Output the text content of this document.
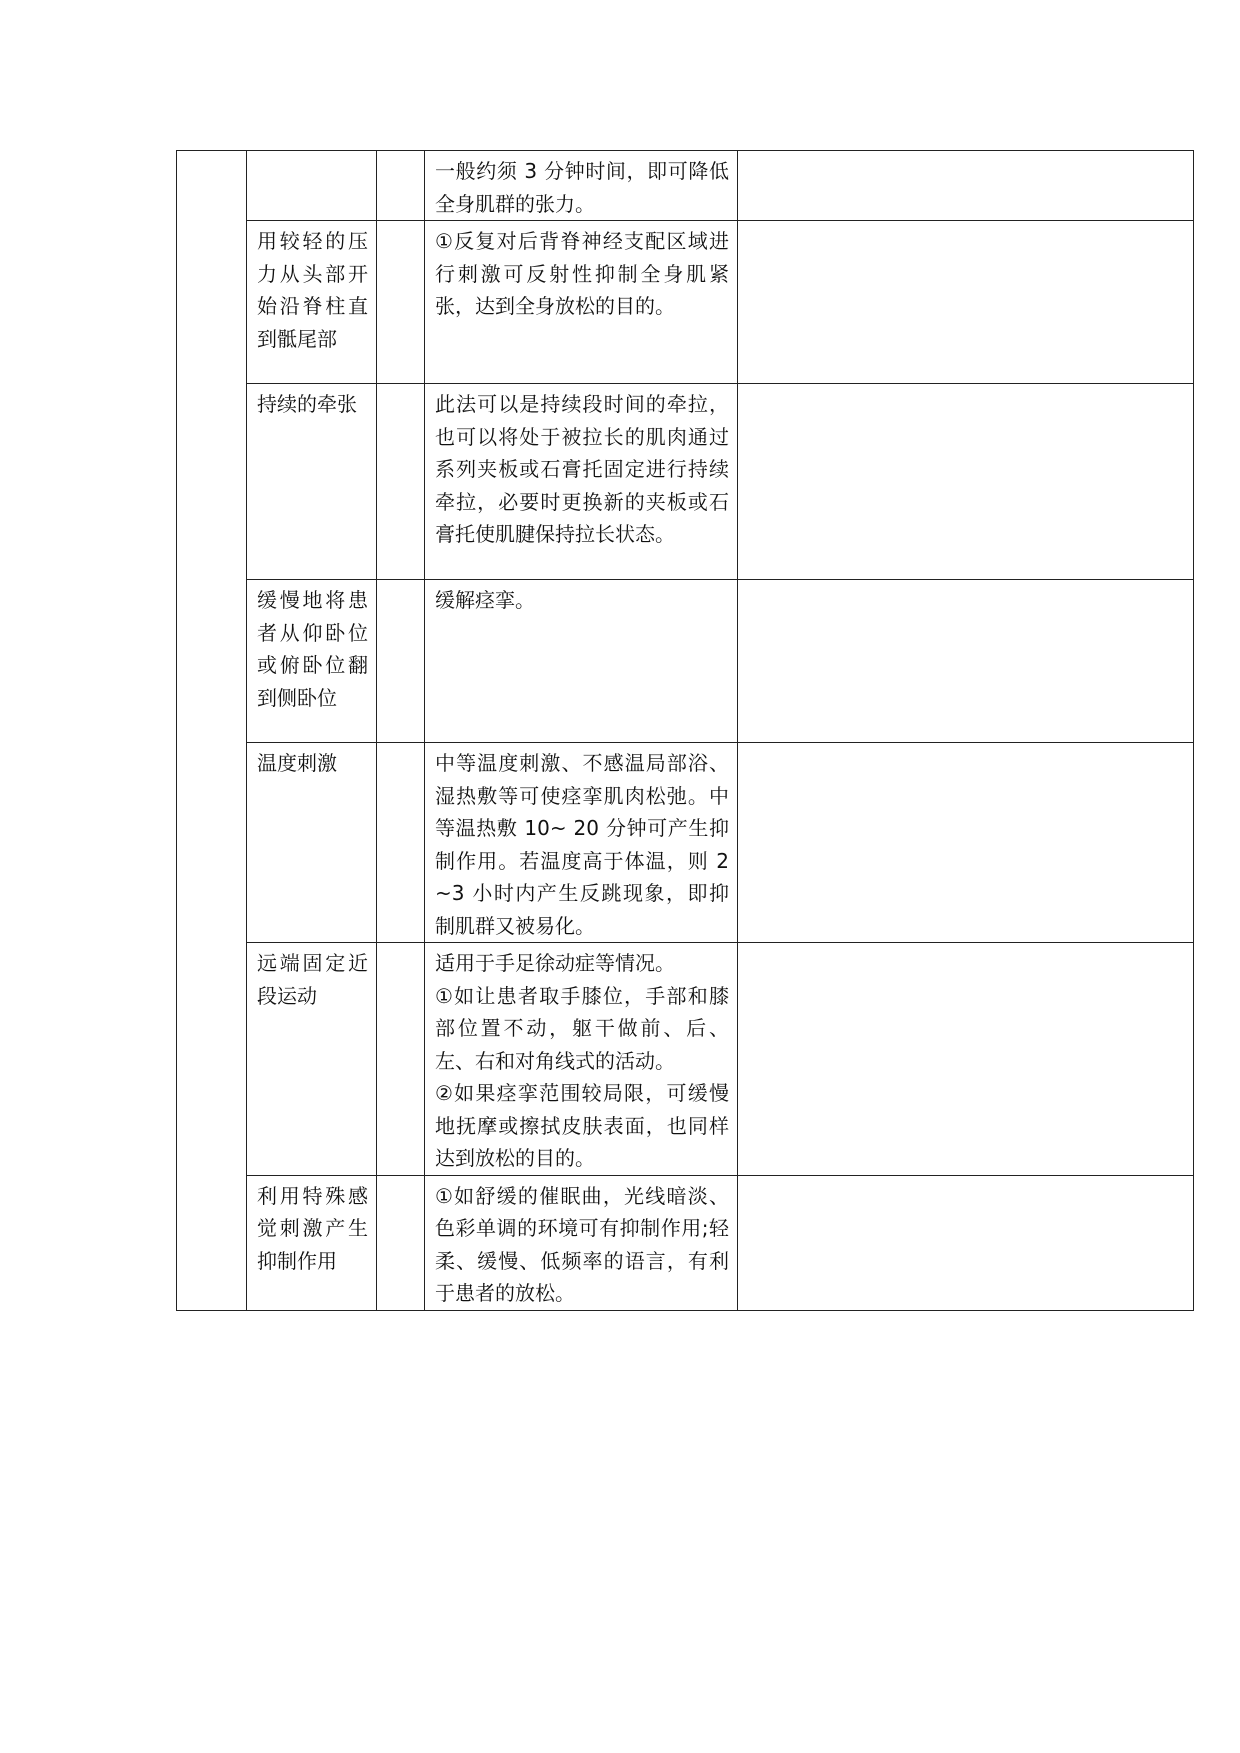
			一般约须 3 分钟时间，即可降低全身肌群的张力。	

	用较轻的压力从头部开始沿脊柱直到骶尾部		①反复对后背脊神经支配区域进行刺激可反射性抑制全身肌紧张，达到全身放松的目的。	

	持续的牵张		此法可以是持续段时间的牵拉，也可以将处于被拉长的肌肉通过系列夹板或石膏托固定进行持续牵拉，必要时更换新的夹板或石膏托使肌腱保持拉长状态。	

	缓慢地将患者从仰卧位或俯卧位翻到侧卧位		缓解痉挛。	

	温度刺激		中等温度刺激、不感温局部浴、湿热敷等可使痉挛肌肉松弛。中等温热敷 10~ 20 分钟可产生抑制作用。若温度高于体温，则 2~3 小时内产生反跳现象，即抑制肌群又被易化。	

	远端固定近段运动		适用于手足徐动症等情况。
①如让患者取手膝位，手部和膝部位置不动，躯干做前、后、左、右和对角线式的活动。
②如果痉挛范围较局限，可缓慢地抚摩或擦拭皮肤表面，也同样达到放松的目的。	

	利用特殊感觉刺激产生抑制作用		①如舒缓的催眠曲，光线暗淡、色彩单调的环境可有抑制作用;轻柔、缓慢、低频率的语言，有利于患者的放松。	
